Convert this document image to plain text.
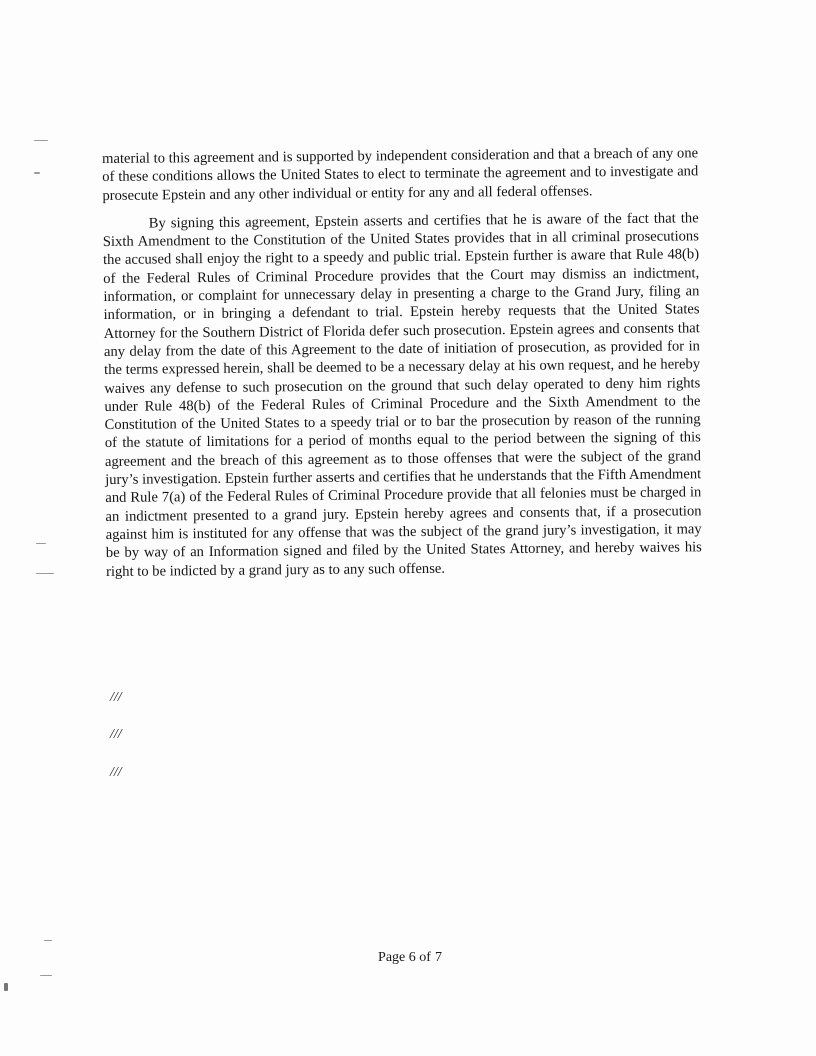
material to this agreement and is supported by independent consideration and that a breach of any one of these conditions allows the United States to elect to terminate the agreement and to investigate and prosecute Epstein and any other individual or entity for any and all federal offenses.

By signing this agreement, Epstein asserts and certifies that he is aware of the fact that the Sixth Amendment to the Constitution of the United States provides that in all criminal prosecutions the accused shall enjoy the right to a speedy and public trial. Epstein further is aware that Rule 48(b) of the Federal Rules of Criminal Procedure provides that the Court may dismiss an indictment, information, or complaint for unnecessary delay in presenting a charge to the Grand Jury, filing an information, or in bringing a defendant to trial. Epstein hereby requests that the United States Attorney for the Southern District of Florida defer such prosecution. Epstein agrees and consents that any delay from the date of this Agreement to the date of initiation of prosecution, as provided for in the terms expressed herein, shall be deemed to be a necessary delay at his own request, and he hereby waives any defense to such prosecution on the ground that such delay operated to deny him rights under Rule 48(b) of the Federal Rules of Criminal Procedure and the Sixth Amendment to the Constitution of the United States to a speedy trial or to bar the prosecution by reason of the running of the statute of limitations for a period of months equal to the period between the signing of this agreement and the breach of this agreement as to those offenses that were the subject of the grand jury’s investigation. Epstein further asserts and certifies that he understands that the Fifth Amendment and Rule 7(a) of the Federal Rules of Criminal Procedure provide that all felonies must be charged in an indictment presented to a grand jury. Epstein hereby agrees and consents that, if a prosecution against him is instituted for any offense that was the subject of the grand jury’s investigation, it may be by way of an Information signed and filed by the United States Attorney, and hereby waives his right to be indicted by a grand jury as to any such offense.

///
///
///
Page 6 of 7
